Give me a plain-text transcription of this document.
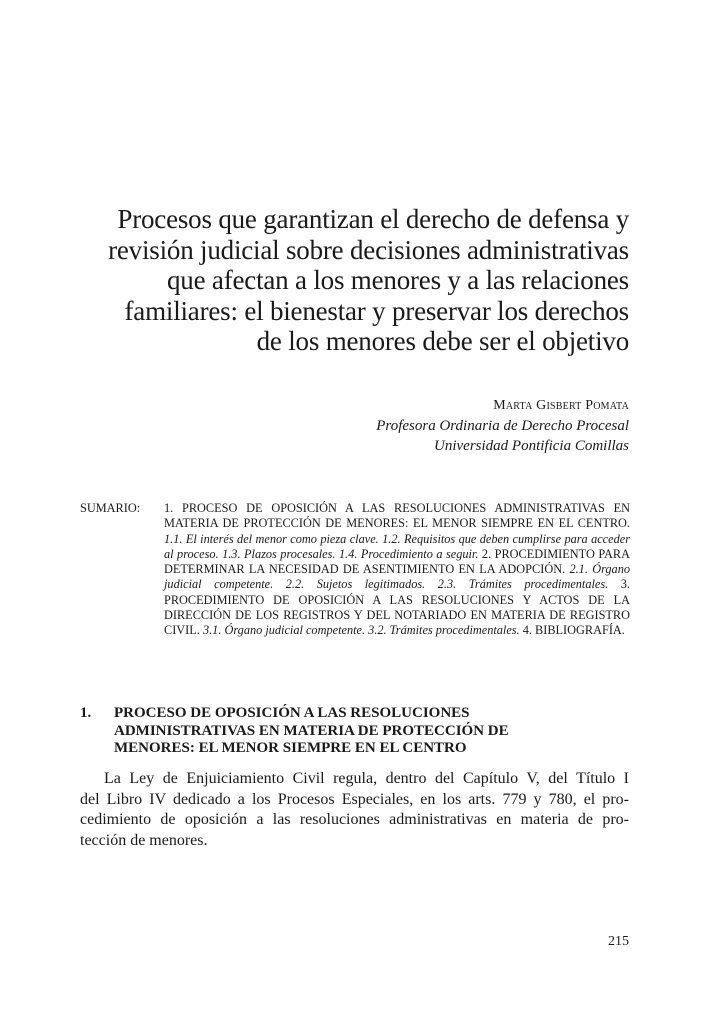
Procesos que garantizan el derecho de defensa y
revisión judicial sobre decisiones administrativas
que afectan a los menores y a las relaciones
familiares: el bienestar y preservar los derechos
de los menores debe ser el objetivo
Marta Gisbert Pomata
Profesora Ordinaria de Derecho Procesal
Universidad Pontificia Comillas
SUMARIO: 1. PROCESO DE OPOSICIÓN A LAS RESOLUCIONES ADMINISTRATIVAS EN MATERIA DE PROTECCIÓN DE MENORES: EL MENOR SIEMPRE EN EL CENTRO. 1.1. El interés del menor como pieza clave. 1.2. Requisitos que deben cumplirse para acceder al proceso. 1.3. Plazos procesales. 1.4. Procedimiento a seguir. 2. PROCEDIMIENTO PARA DETERMINAR LA NECESIDAD DE ASENTIMIENTO EN LA ADOPCIÓN. 2.1. Órgano judicial competente. 2.2. Sujetos legitimados. 2.3. Trámites procedimentales. 3. PROCEDIMIENTO DE OPOSICIÓN A LAS RESOLUCIONES Y ACTOS DE LA DIRECCIÓN DE LOS REGISTROS Y DEL NOTARIADO EN MATERIA DE REGISTRO CIVIL. 3.1. Órgano judicial competente. 3.2. Trámites procedimentales. 4. BIBLIOGRAFÍA.
1. PROCESO DE OPOSICIÓN A LAS RESOLUCIONES
ADMINISTRATIVAS EN MATERIA DE PROTECCIÓN DE
MENORES: EL MENOR SIEMPRE EN EL CENTRO
La Ley de Enjuiciamiento Civil regula, dentro del Capítulo V, del Título I
del Libro IV dedicado a los Procesos Especiales, en los arts. 779 y 780, el pro-
cedimiento de oposición a las resoluciones administrativas en materia de pro-
tección de menores.
215
